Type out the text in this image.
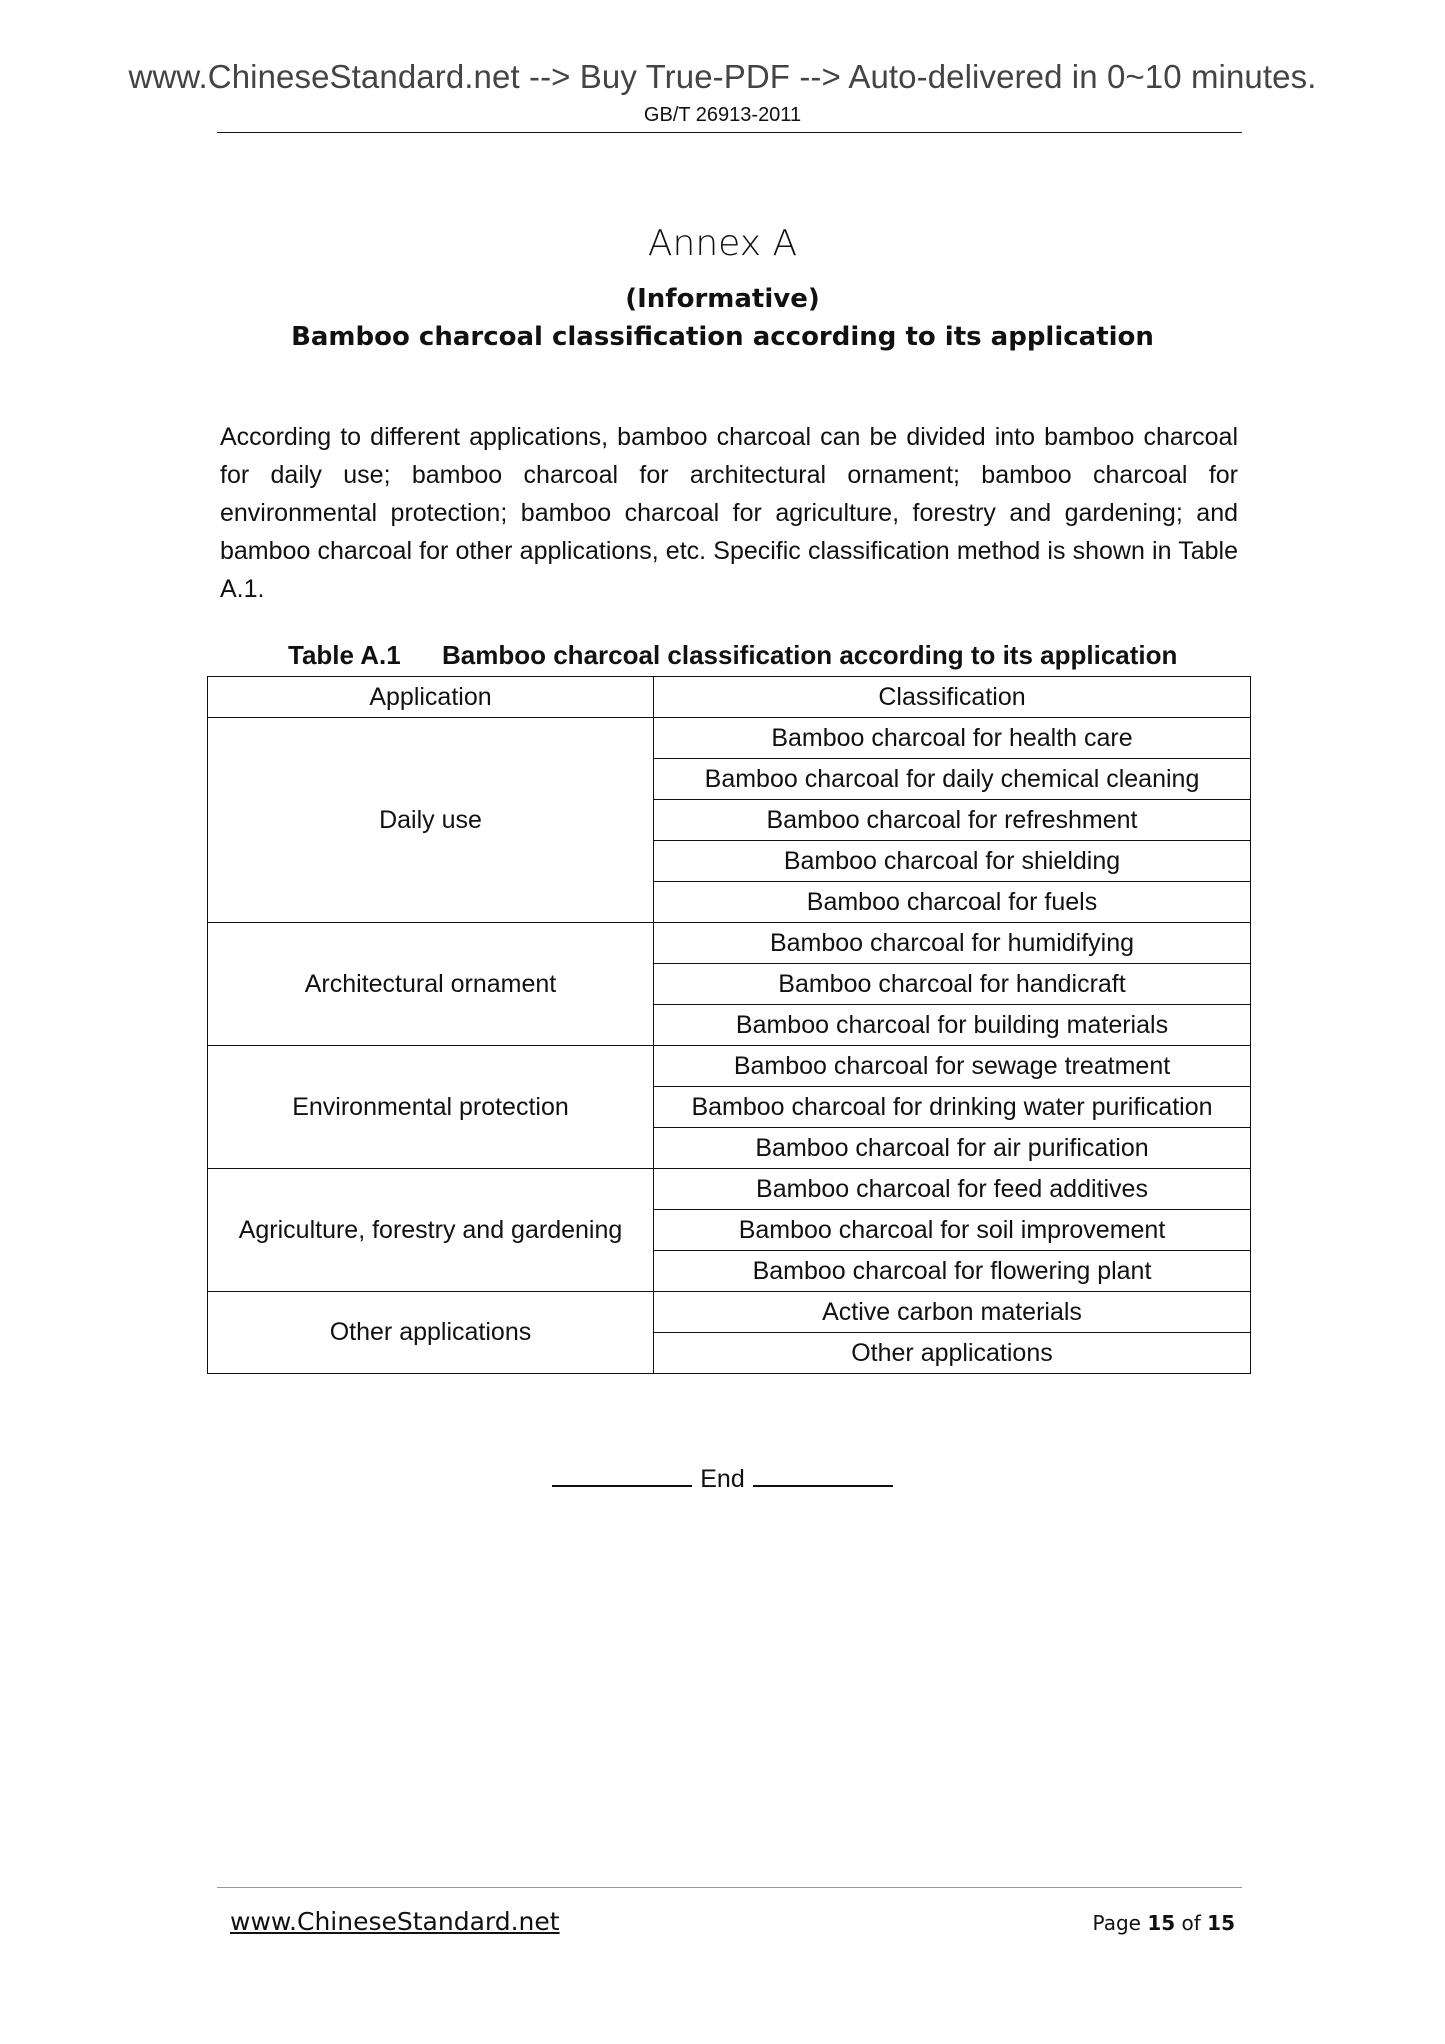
www.ChineseStandard.net --> Buy True-PDF --> Auto-delivered in 0~10 minutes.
GB/T 26913-2011
Annex A
(Informative)
Bamboo charcoal classification according to its application

According to different applications, bamboo charcoal can be divided into bamboo charcoal for daily use; bamboo charcoal for architectural ornament; bamboo charcoal for environmental protection; bamboo charcoal for agriculture, forestry and gardening; and bamboo charcoal for other applications, etc. Specific classification method is shown in Table A.1.

Table A.1 Bamboo charcoal classification according to its application
Application	Classification
Daily use	Bamboo charcoal for health care
	Bamboo charcoal for daily chemical cleaning
	Bamboo charcoal for refreshment
	Bamboo charcoal for shielding
	Bamboo charcoal for fuels
Architectural ornament	Bamboo charcoal for humidifying
	Bamboo charcoal for handicraft
	Bamboo charcoal for building materials
Environmental protection	Bamboo charcoal for sewage treatment
	Bamboo charcoal for drinking water purification
	Bamboo charcoal for air purification
Agriculture, forestry and gardening	Bamboo charcoal for feed additives
	Bamboo charcoal for soil improvement
	Bamboo charcoal for flowering plant
Other applications	Active carbon materials
	Other applications
End
www.ChineseStandard.net	Page 15 of 15
